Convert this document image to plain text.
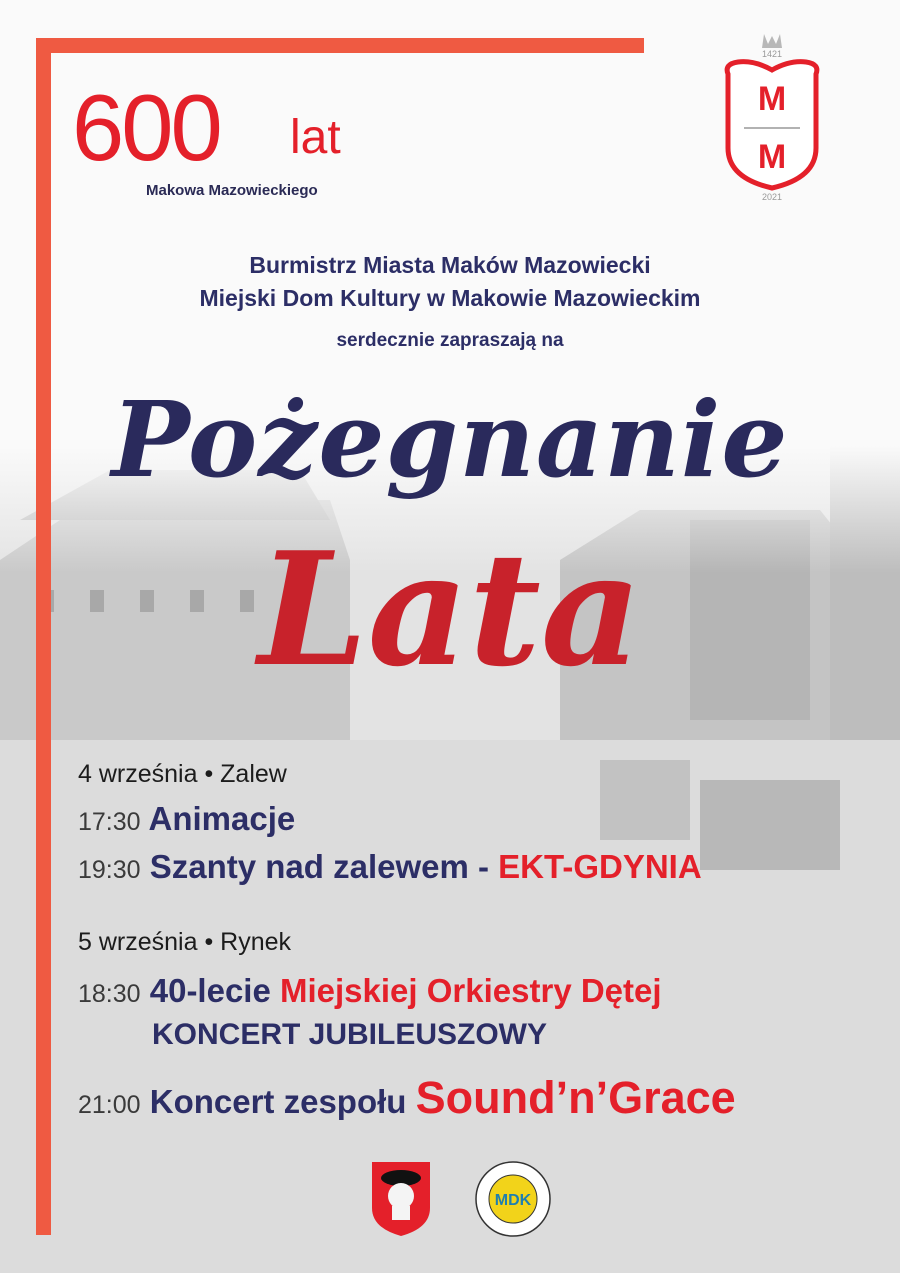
600 lat
Makowa Mazowieckiego
1421
M
M
2021
Burmistrz Miasta Maków Mazowiecki
Miejski Dom Kultury w Makowie Mazowieckim
serdecznie zapraszają na
Pożegnanie
Lata
4 września • Zalew
17:30 Animacje
19:30 Szanty nad zalewem - EKT-GDYNIA
5 września • Rynek
18:30 40-lecie Miejskiej Orkiestry Dętej
KONCERT JUBILEUSZOWY
21:00 Koncert zespołu Sound’n’Grace
MDK
